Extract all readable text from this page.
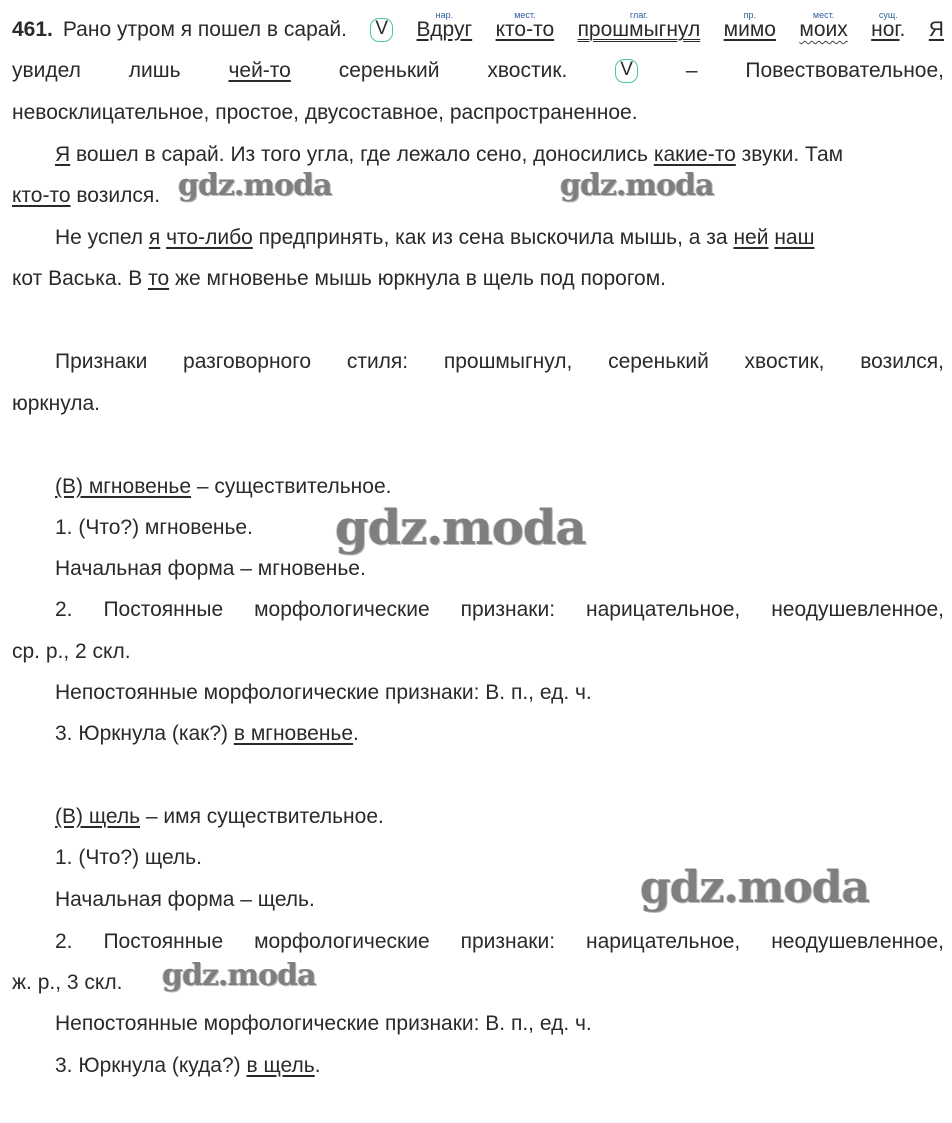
461. Рано утром я пошел в сарай. V
нар.
Вдруг
мест.
кто-то
глаг.
прошмыгнул
пр.
мимо
мест.
моих
сущ.
ног. Я
увидел лишь чей-то серенький хвостик.	V	– Повествовательное,
невосклицательное, простое, двусоставное, распространенное.
Я вошел в сарай. Из того угла, где лежало сено, доносились какие-то звуки. Там
кто-то возился.
Не успел я что-либо предпринять, как из сена выскочила мышь, а за ней наш
кот Васька. В то же мгновенье мышь юркнула в щель под порогом.
Признаки разговорного стиля: прошмыгнул, серенький хвостик, возился,
юркнула.
(В) мгновенье – существительное.
1. (Что?) мгновенье.
Начальная форма – мгновенье.
2. Постоянные морфологические признаки: нарицательное, неодушевленное,
ср. р., 2 скл.
Непостоянные морфологические признаки: В. п., ед. ч.
3. Юркнула (как?) в мгновенье.
(В) щель – имя существительное.
1. (Что?) щель.
Начальная форма – щель.
2. Постоянные морфологические признаки: нарицательное, неодушевленное,
ж. р., 3 скл.
Непостоянные морфологические признаки: В. п., ед. ч.
3. Юркнула (куда?) в щель.
gdz.moda	gdz.moda
gdz.moda
gdz.moda
gdz.moda
